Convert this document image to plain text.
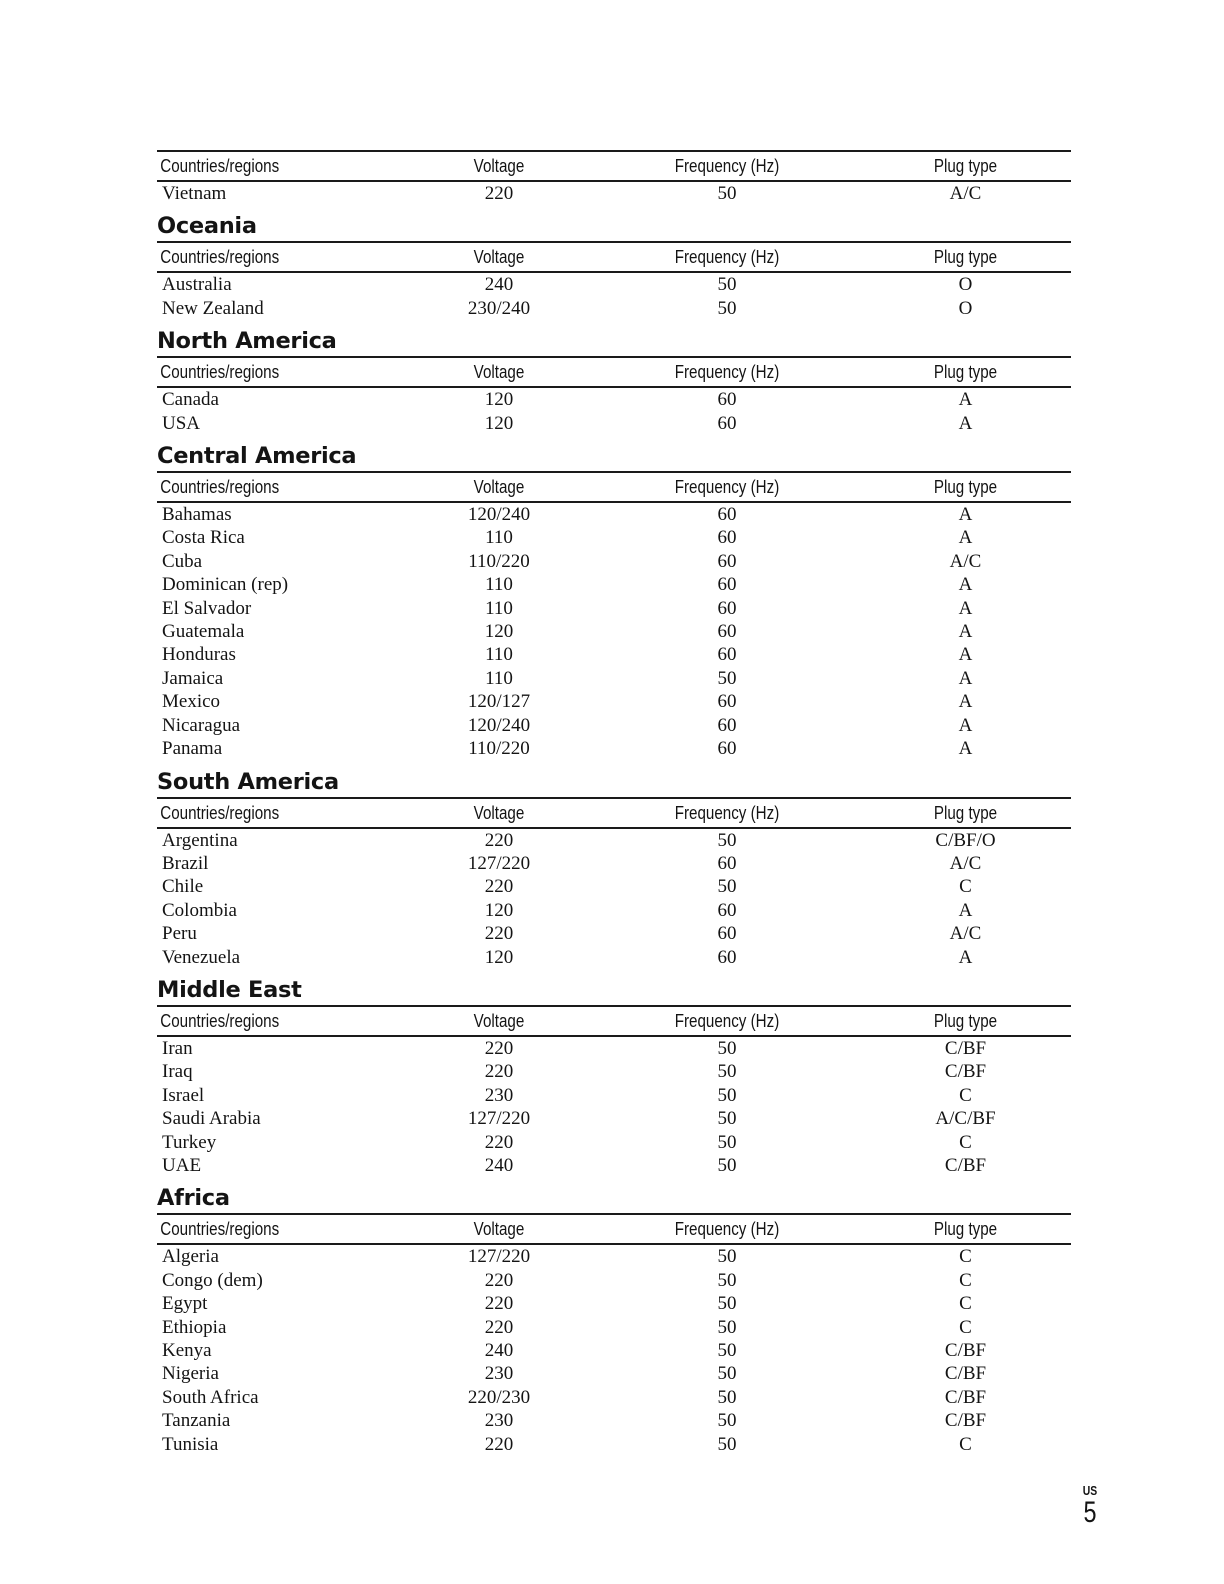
Countries/regions	Voltage	Frequency (Hz)	Plug type
Vietnam	220	50	A/C
Oceania
Countries/regions	Voltage	Frequency (Hz)	Plug type
Australia	240	50	O
New Zealand	230/240	50	O
North America
Countries/regions	Voltage	Frequency (Hz)	Plug type
Canada	120	60	A
USA	120	60	A
Central America
Countries/regions	Voltage	Frequency (Hz)	Plug type
Bahamas	120/240	60	A
Costa Rica	110	60	A
Cuba	110/220	60	A/C
Dominican (rep)	110	60	A
El Salvador	110	60	A
Guatemala	120	60	A
Honduras	110	60	A
Jamaica	110	50	A
Mexico	120/127	60	A
Nicaragua	120/240	60	A
Panama	110/220	60	A
South America
Countries/regions	Voltage	Frequency (Hz)	Plug type
Argentina	220	50	C/BF/O
Brazil	127/220	60	A/C
Chile	220	50	C
Colombia	120	60	A
Peru	220	60	A/C
Venezuela	120	60	A
Middle East
Countries/regions	Voltage	Frequency (Hz)	Plug type
Iran	220	50	C/BF
Iraq	220	50	C/BF
Israel	230	50	C
Saudi Arabia	127/220	50	A/C/BF
Turkey	220	50	C
UAE	240	50	C/BF
Africa
Countries/regions	Voltage	Frequency (Hz)	Plug type
Algeria	127/220	50	C
Congo (dem)	220	50	C
Egypt	220	50	C
Ethiopia	220	50	C
Kenya	240	50	C/BF
Nigeria	230	50	C/BF
South Africa	220/230	50	C/BF
Tanzania	230	50	C/BF
Tunisia	220	50	C
US
5
